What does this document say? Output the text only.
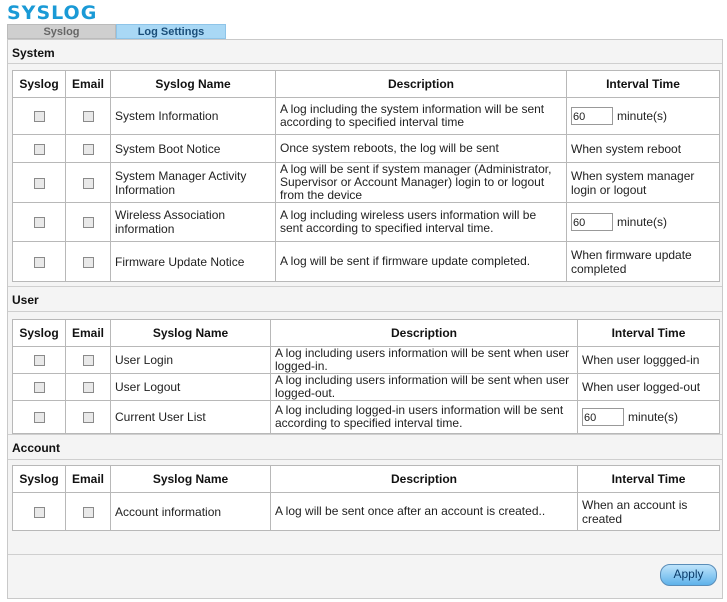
SYSLOG
Syslog	Log Settings
System
Syslog	Email	Syslog Name	Description	Interval Time
		System Information	A log including the system information will be sent according to specified interval time	60 minute(s)
		System Boot Notice	Once system reboots, the log will be sent	When system reboot
		System Manager Activity Information	A log will be sent if system manager (Administrator, Supervisor or Account Manager) login to or logout from the device	When system manager login or logout
		Wireless Association information	A log including wireless users information will be sent according to specified interval time.	60 minute(s)
		Firmware Update Notice	A log will be sent if firmware update completed.	When firmware update completed
User
Syslog	Email	Syslog Name	Description	Interval Time
		User Login	A log including users information will be sent when user logged-in.	When user loggged-in
		User Logout	A log including users information will be sent when user logged-out.	When user logged-out
		Current User List	A log including logged-in users information will be sent according to specified interval time.	60 minute(s)
Account
Syslog	Email	Syslog Name	Description	Interval Time
		Account information	A log will be sent once after an account is created..	When an account is created
Apply
